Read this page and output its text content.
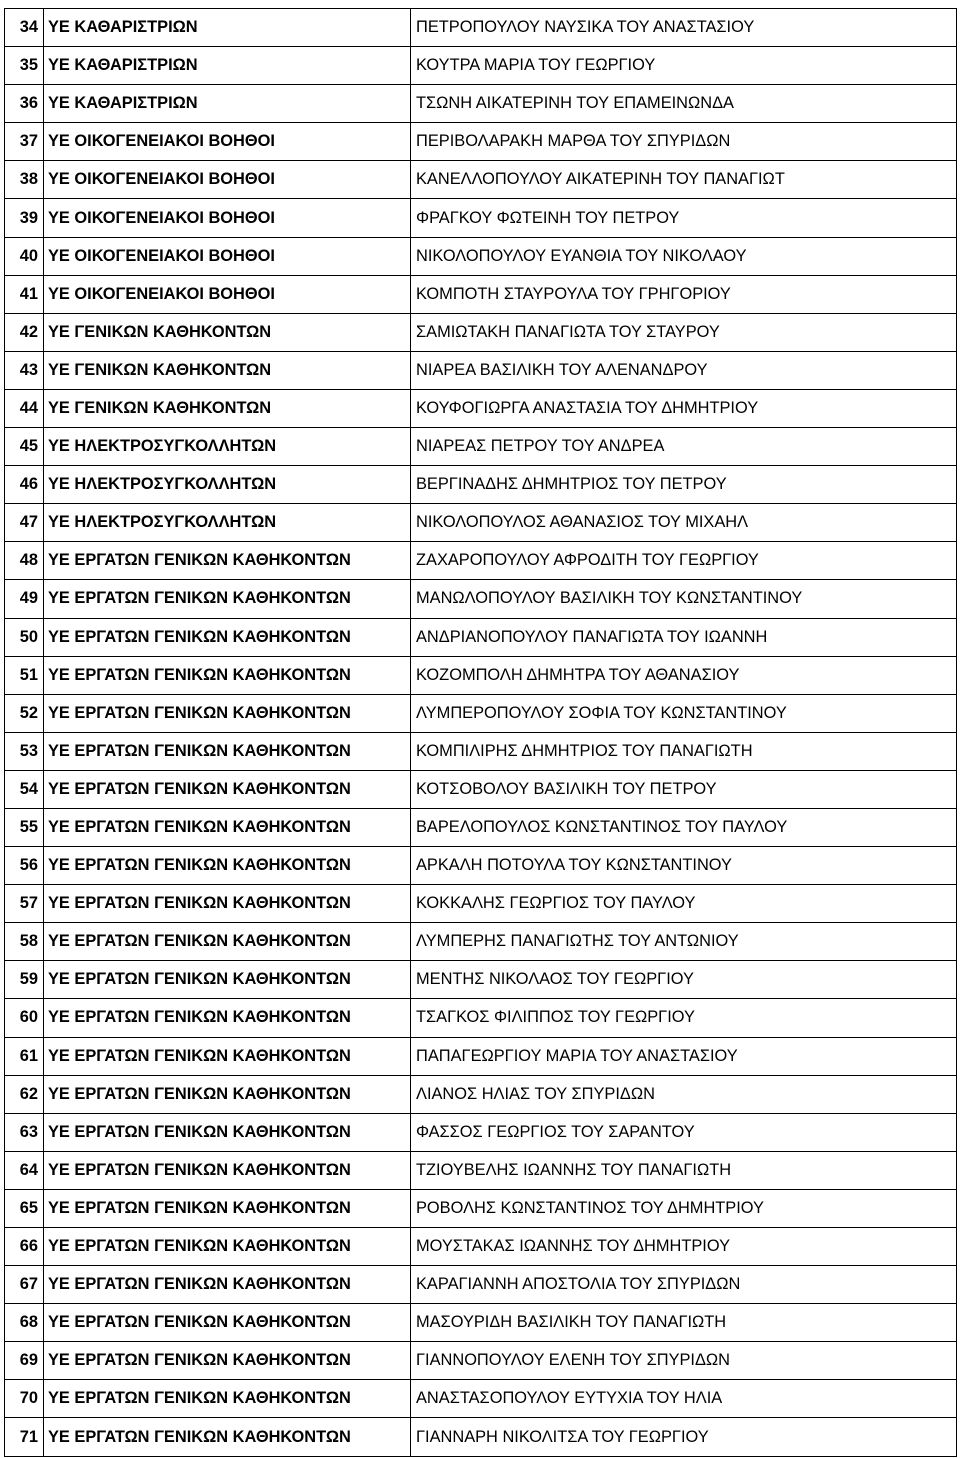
34	ΥΕ ΚΑΘΑΡΙΣΤΡΙΩΝ	ΠΕΤΡΟΠΟΥΛΟΥ ΝΑΥΣΙΚΑ ΤΟΥ ΑΝΑΣΤΑΣΙΟΥ
35	ΥΕ ΚΑΘΑΡΙΣΤΡΙΩΝ	ΚΟΥΤΡΑ ΜΑΡΙΑ ΤΟΥ ΓΕΩΡΓΙΟΥ
36	ΥΕ ΚΑΘΑΡΙΣΤΡΙΩΝ	ΤΣΩΝΗ ΑΙΚΑΤΕΡΙΝΗ ΤΟΥ ΕΠΑΜΕΙΝΩΝΔΑ
37	ΥΕ ΟΙΚΟΓΕΝΕΙΑΚΟΙ ΒΟΗΘΟΙ	ΠΕΡΙΒΟΛΑΡΑΚΗ ΜΑΡΘΑ ΤΟΥ ΣΠΥΡΙΔΩΝ
38	ΥΕ ΟΙΚΟΓΕΝΕΙΑΚΟΙ ΒΟΗΘΟΙ	ΚΑΝΕΛΛΟΠΟΥΛΟΥ ΑΙΚΑΤΕΡΙΝΗ ΤΟΥ ΠΑΝΑΓΙΩΤ
39	ΥΕ ΟΙΚΟΓΕΝΕΙΑΚΟΙ ΒΟΗΘΟΙ	ΦΡΑΓΚΟΥ ΦΩΤΕΙΝΗ ΤΟΥ ΠΕΤΡΟΥ
40	ΥΕ ΟΙΚΟΓΕΝΕΙΑΚΟΙ ΒΟΗΘΟΙ	ΝΙΚΟΛΟΠΟΥΛΟΥ ΕΥΑΝΘΙΑ ΤΟΥ ΝΙΚΟΛΑΟΥ
41	ΥΕ ΟΙΚΟΓΕΝΕΙΑΚΟΙ ΒΟΗΘΟΙ	ΚΟΜΠΟΤΗ ΣΤΑΥΡΟΥΛΑ ΤΟΥ ΓΡΗΓΟΡΙΟΥ
42	ΥΕ ΓΕΝΙΚΩΝ ΚΑΘΗΚΟΝΤΩΝ	ΣΑΜΙΩΤΑΚΗ ΠΑΝΑΓΙΩΤΑ ΤΟΥ ΣΤΑΥΡΟΥ
43	ΥΕ ΓΕΝΙΚΩΝ ΚΑΘΗΚΟΝΤΩΝ	ΝΙΑΡΕΑ ΒΑΣΙΛΙΚΗ ΤΟΥ ΑΛΕΝΑΝΔΡΟΥ
44	ΥΕ ΓΕΝΙΚΩΝ ΚΑΘΗΚΟΝΤΩΝ	ΚΟΥΦΟΓΙΩΡΓΑ ΑΝΑΣΤΑΣΙΑ ΤΟΥ ΔΗΜΗΤΡΙΟΥ
45	ΥΕ ΗΛΕΚΤΡΟΣΥΓΚΟΛΛΗΤΩΝ	ΝΙΑΡΕΑΣ ΠΕΤΡΟΥ ΤΟΥ ΑΝΔΡΕΑ
46	ΥΕ ΗΛΕΚΤΡΟΣΥΓΚΟΛΛΗΤΩΝ	ΒΕΡΓΙΝΑΔΗΣ ΔΗΜΗΤΡΙΟΣ ΤΟΥ ΠΕΤΡΟΥ
47	ΥΕ ΗΛΕΚΤΡΟΣΥΓΚΟΛΛΗΤΩΝ	ΝΙΚΟΛΟΠΟΥΛΟΣ ΑΘΑΝΑΣΙΟΣ ΤΟΥ ΜΙΧΑΗΛ
48	ΥΕ ΕΡΓΑΤΩΝ ΓΕΝΙΚΩΝ ΚΑΘΗΚΟΝΤΩΝ	ΖΑΧΑΡΟΠΟΥΛΟΥ ΑΦΡΟΔΙΤΗ ΤΟΥ ΓΕΩΡΓΙΟΥ
49	ΥΕ ΕΡΓΑΤΩΝ ΓΕΝΙΚΩΝ ΚΑΘΗΚΟΝΤΩΝ	ΜΑΝΩΛΟΠΟΥΛΟΥ ΒΑΣΙΛΙΚΗ ΤΟΥ ΚΩΝΣΤΑΝΤΙΝΟΥ
50	ΥΕ ΕΡΓΑΤΩΝ ΓΕΝΙΚΩΝ ΚΑΘΗΚΟΝΤΩΝ	ΑΝΔΡΙΑΝΟΠΟΥΛΟΥ ΠΑΝΑΓΙΩΤΑ ΤΟΥ ΙΩΑΝΝΗ
51	ΥΕ ΕΡΓΑΤΩΝ ΓΕΝΙΚΩΝ ΚΑΘΗΚΟΝΤΩΝ	ΚΟΖΟΜΠΟΛΗ ΔΗΜΗΤΡΑ ΤΟΥ ΑΘΑΝΑΣΙΟΥ
52	ΥΕ ΕΡΓΑΤΩΝ ΓΕΝΙΚΩΝ ΚΑΘΗΚΟΝΤΩΝ	ΛΥΜΠΕΡΟΠΟΥΛΟΥ ΣΟΦΙΑ ΤΟΥ ΚΩΝΣΤΑΝΤΙΝΟΥ
53	ΥΕ ΕΡΓΑΤΩΝ ΓΕΝΙΚΩΝ ΚΑΘΗΚΟΝΤΩΝ	ΚΟΜΠΙΛΙΡΗΣ ΔΗΜΗΤΡΙΟΣ ΤΟΥ ΠΑΝΑΓΙΩΤΗ
54	ΥΕ ΕΡΓΑΤΩΝ ΓΕΝΙΚΩΝ ΚΑΘΗΚΟΝΤΩΝ	ΚΟΤΣΟΒΟΛΟΥ ΒΑΣΙΛΙΚΗ ΤΟΥ ΠΕΤΡΟΥ
55	ΥΕ ΕΡΓΑΤΩΝ ΓΕΝΙΚΩΝ ΚΑΘΗΚΟΝΤΩΝ	ΒΑΡΕΛΟΠΟΥΛΟΣ ΚΩΝΣΤΑΝΤΙΝΟΣ ΤΟΥ ΠΑΥΛΟΥ
56	ΥΕ ΕΡΓΑΤΩΝ ΓΕΝΙΚΩΝ ΚΑΘΗΚΟΝΤΩΝ	ΑΡΚΑΛΗ ΠΟΤΟΥΛΑ ΤΟΥ ΚΩΝΣΤΑΝΤΙΝΟΥ
57	ΥΕ ΕΡΓΑΤΩΝ ΓΕΝΙΚΩΝ ΚΑΘΗΚΟΝΤΩΝ	ΚΟΚΚΑΛΗΣ ΓΕΩΡΓΙΟΣ ΤΟΥ ΠΑΥΛΟΥ
58	ΥΕ ΕΡΓΑΤΩΝ ΓΕΝΙΚΩΝ ΚΑΘΗΚΟΝΤΩΝ	ΛΥΜΠΕΡΗΣ ΠΑΝΑΓΙΩΤΗΣ ΤΟΥ ΑΝΤΩΝΙΟΥ
59	ΥΕ ΕΡΓΑΤΩΝ ΓΕΝΙΚΩΝ ΚΑΘΗΚΟΝΤΩΝ	ΜΕΝΤΗΣ ΝΙΚΟΛΑΟΣ ΤΟΥ ΓΕΩΡΓΙΟΥ
60	ΥΕ ΕΡΓΑΤΩΝ ΓΕΝΙΚΩΝ ΚΑΘΗΚΟΝΤΩΝ	ΤΣΑΓΚΟΣ ΦΙΛΙΠΠΟΣ ΤΟΥ ΓΕΩΡΓΙΟΥ
61	ΥΕ ΕΡΓΑΤΩΝ ΓΕΝΙΚΩΝ ΚΑΘΗΚΟΝΤΩΝ	ΠΑΠΑΓΕΩΡΓΙΟΥ ΜΑΡΙΑ ΤΟΥ ΑΝΑΣΤΑΣΙΟΥ
62	ΥΕ ΕΡΓΑΤΩΝ ΓΕΝΙΚΩΝ ΚΑΘΗΚΟΝΤΩΝ	ΛΙΑΝΟΣ ΗΛΙΑΣ ΤΟΥ ΣΠΥΡΙΔΩΝ
63	ΥΕ ΕΡΓΑΤΩΝ ΓΕΝΙΚΩΝ ΚΑΘΗΚΟΝΤΩΝ	ΦΑΣΣΟΣ ΓΕΩΡΓΙΟΣ ΤΟΥ ΣΑΡΑΝΤΟΥ
64	ΥΕ ΕΡΓΑΤΩΝ ΓΕΝΙΚΩΝ ΚΑΘΗΚΟΝΤΩΝ	ΤΖΙΟΥΒΕΛΗΣ ΙΩΑΝΝΗΣ ΤΟΥ ΠΑΝΑΓΙΩΤΗ
65	ΥΕ ΕΡΓΑΤΩΝ ΓΕΝΙΚΩΝ ΚΑΘΗΚΟΝΤΩΝ	ΡΟΒΟΛΗΣ ΚΩΝΣΤΑΝΤΙΝΟΣ ΤΟΥ ΔΗΜΗΤΡΙΟΥ
66	ΥΕ ΕΡΓΑΤΩΝ ΓΕΝΙΚΩΝ ΚΑΘΗΚΟΝΤΩΝ	ΜΟΥΣΤΑΚΑΣ ΙΩΑΝΝΗΣ ΤΟΥ ΔΗΜΗΤΡΙΟΥ
67	ΥΕ ΕΡΓΑΤΩΝ ΓΕΝΙΚΩΝ ΚΑΘΗΚΟΝΤΩΝ	ΚΑΡΑΓΙΑΝΝΗ ΑΠΟΣΤΟΛΙΑ ΤΟΥ ΣΠΥΡΙΔΩΝ
68	ΥΕ ΕΡΓΑΤΩΝ ΓΕΝΙΚΩΝ ΚΑΘΗΚΟΝΤΩΝ	ΜΑΣΟΥΡΙΔΗ ΒΑΣΙΛΙΚΗ ΤΟΥ ΠΑΝΑΓΙΩΤΗ
69	ΥΕ ΕΡΓΑΤΩΝ ΓΕΝΙΚΩΝ ΚΑΘΗΚΟΝΤΩΝ	ΓΙΑΝΝΟΠΟΥΛΟΥ ΕΛΕΝΗ ΤΟΥ ΣΠΥΡΙΔΩΝ
70	ΥΕ ΕΡΓΑΤΩΝ ΓΕΝΙΚΩΝ ΚΑΘΗΚΟΝΤΩΝ	ΑΝΑΣΤΑΣΟΠΟΥΛΟΥ ΕΥΤΥΧΙΑ ΤΟΥ ΗΛΙΑ
71	ΥΕ ΕΡΓΑΤΩΝ ΓΕΝΙΚΩΝ ΚΑΘΗΚΟΝΤΩΝ	ΓΙΑΝΝΑΡΗ ΝΙΚΟΛΙΤΣΑ ΤΟΥ ΓΕΩΡΓΙΟΥ
